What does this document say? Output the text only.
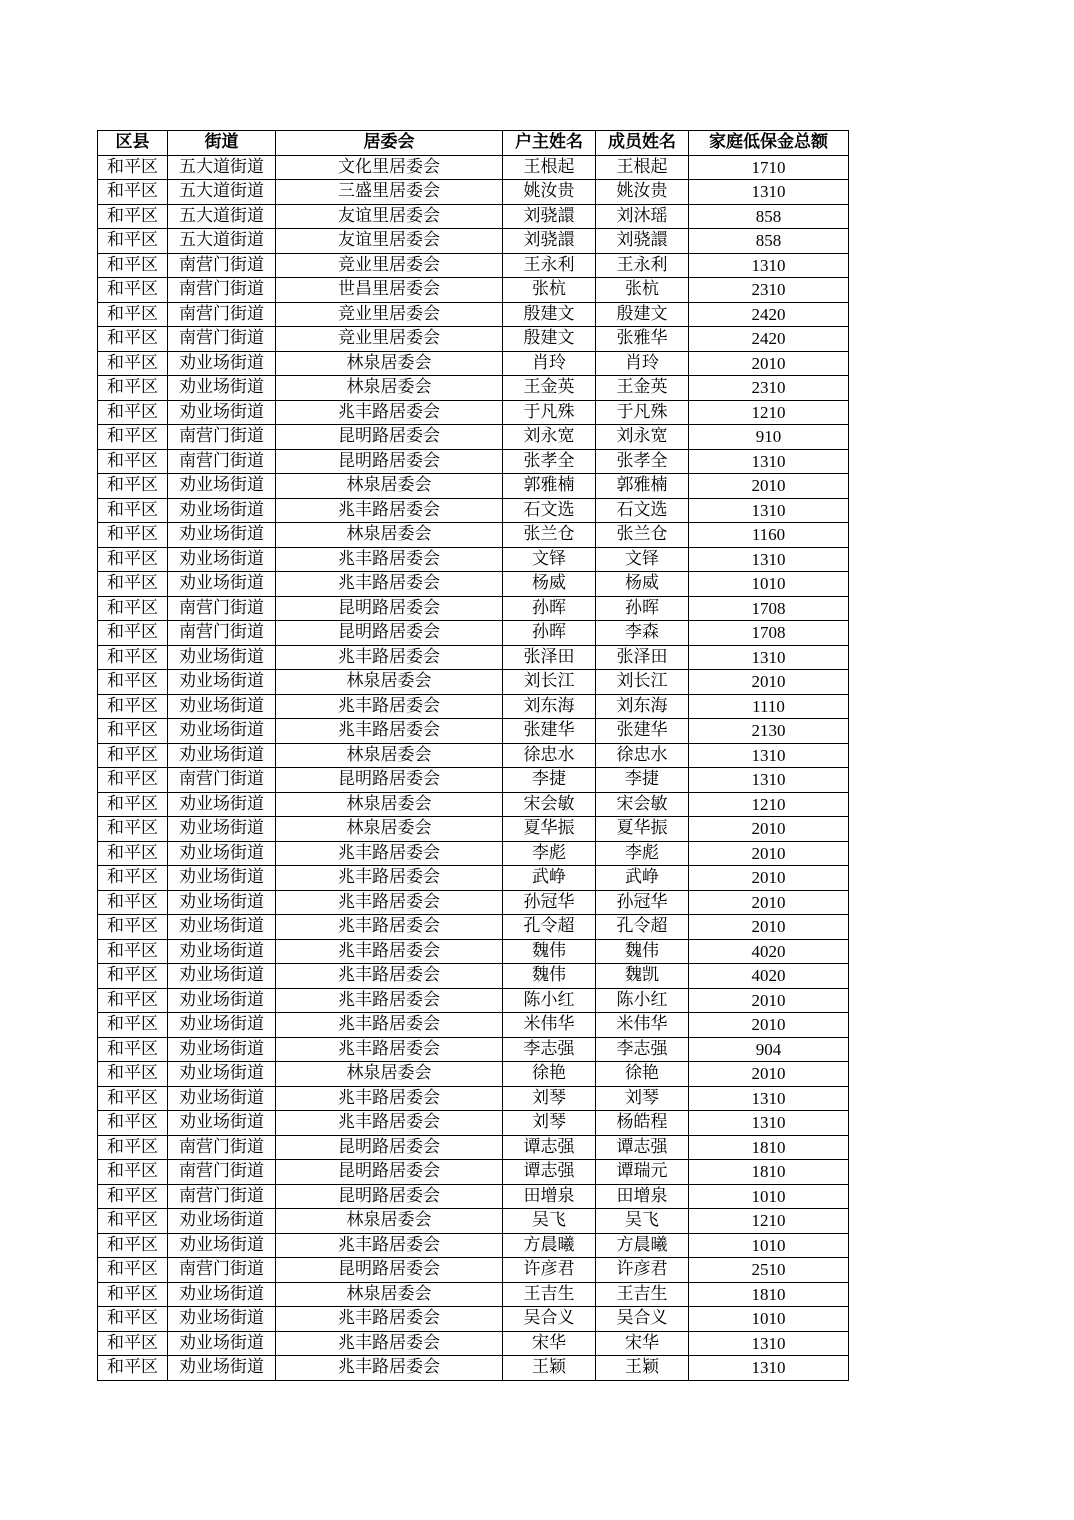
区县	街道	居委会	户主姓名	成员姓名	家庭低保金总额
和平区	五大道街道	文化里居委会	王根起	王根起	1710
和平区	五大道街道	三盛里居委会	姚汝贵	姚汝贵	1310
和平区	五大道街道	友谊里居委会	刘骁譞	刘沐瑶	858
和平区	五大道街道	友谊里居委会	刘骁譞	刘骁譞	858
和平区	南营门街道	竞业里居委会	王永利	王永利	1310
和平区	南营门街道	世昌里居委会	张杭	张杭	2310
和平区	南营门街道	竞业里居委会	殷建文	殷建文	2420
和平区	南营门街道	竞业里居委会	殷建文	张雅华	2420
和平区	劝业场街道	林泉居委会	肖玲	肖玲	2010
和平区	劝业场街道	林泉居委会	王金英	王金英	2310
和平区	劝业场街道	兆丰路居委会	于凡殊	于凡殊	1210
和平区	南营门街道	昆明路居委会	刘永宽	刘永宽	910
和平区	南营门街道	昆明路居委会	张孝全	张孝全	1310
和平区	劝业场街道	林泉居委会	郭雅楠	郭雅楠	2010
和平区	劝业场街道	兆丰路居委会	石文选	石文选	1310
和平区	劝业场街道	林泉居委会	张兰仓	张兰仓	1160
和平区	劝业场街道	兆丰路居委会	文铎	文铎	1310
和平区	劝业场街道	兆丰路居委会	杨威	杨威	1010
和平区	南营门街道	昆明路居委会	孙晖	孙晖	1708
和平区	南营门街道	昆明路居委会	孙晖	李森	1708
和平区	劝业场街道	兆丰路居委会	张泽田	张泽田	1310
和平区	劝业场街道	林泉居委会	刘长江	刘长江	2010
和平区	劝业场街道	兆丰路居委会	刘东海	刘东海	1110
和平区	劝业场街道	兆丰路居委会	张建华	张建华	2130
和平区	劝业场街道	林泉居委会	徐忠水	徐忠水	1310
和平区	南营门街道	昆明路居委会	李捷	李捷	1310
和平区	劝业场街道	林泉居委会	宋会敏	宋会敏	1210
和平区	劝业场街道	林泉居委会	夏华振	夏华振	2010
和平区	劝业场街道	兆丰路居委会	李彪	李彪	2010
和平区	劝业场街道	兆丰路居委会	武峥	武峥	2010
和平区	劝业场街道	兆丰路居委会	孙冠华	孙冠华	2010
和平区	劝业场街道	兆丰路居委会	孔令超	孔令超	2010
和平区	劝业场街道	兆丰路居委会	魏伟	魏伟	4020
和平区	劝业场街道	兆丰路居委会	魏伟	魏凯	4020
和平区	劝业场街道	兆丰路居委会	陈小红	陈小红	2010
和平区	劝业场街道	兆丰路居委会	米伟华	米伟华	2010
和平区	劝业场街道	兆丰路居委会	李志强	李志强	904
和平区	劝业场街道	林泉居委会	徐艳	徐艳	2010
和平区	劝业场街道	兆丰路居委会	刘琴	刘琴	1310
和平区	劝业场街道	兆丰路居委会	刘琴	杨皓程	1310
和平区	南营门街道	昆明路居委会	谭志强	谭志强	1810
和平区	南营门街道	昆明路居委会	谭志强	谭瑞元	1810
和平区	南营门街道	昆明路居委会	田增泉	田增泉	1010
和平区	劝业场街道	林泉居委会	吴飞	吴飞	1210
和平区	劝业场街道	兆丰路居委会	方晨曦	方晨曦	1010
和平区	南营门街道	昆明路居委会	许彦君	许彦君	2510
和平区	劝业场街道	林泉居委会	王吉生	王吉生	1810
和平区	劝业场街道	兆丰路居委会	吴合义	吴合义	1010
和平区	劝业场街道	兆丰路居委会	宋华	宋华	1310
和平区	劝业场街道	兆丰路居委会	王颖	王颖	1310
